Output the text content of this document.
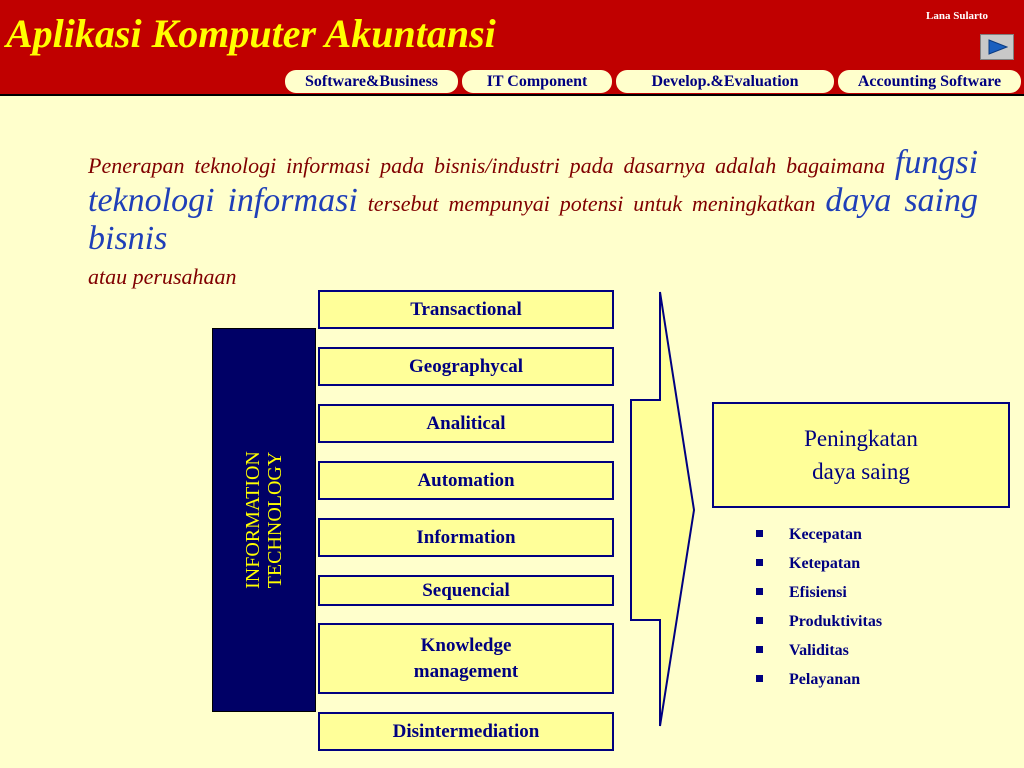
Aplikasi Komputer Akuntansi	Lana Sularto
Software&Business	IT Component	Develop.&Evaluation	Accounting Software
Penerapan teknologi informasi pada bisnis/industri pada dasarnya adalah bagaimana fungsi teknologi informasi tersebut mempunyai potensi untuk meningkatkan daya saing bisnis
atau perusahaan
INFORMATION
TECHNOLOGY
Transactional
Geographycal
Analitical
Automation
Information
Sequencial
Knowledge
management
Disintermediation
Peningkatan
daya saing
Kecepatan
Ketepatan
Efisiensi
Produktivitas
Validitas
Pelayanan
